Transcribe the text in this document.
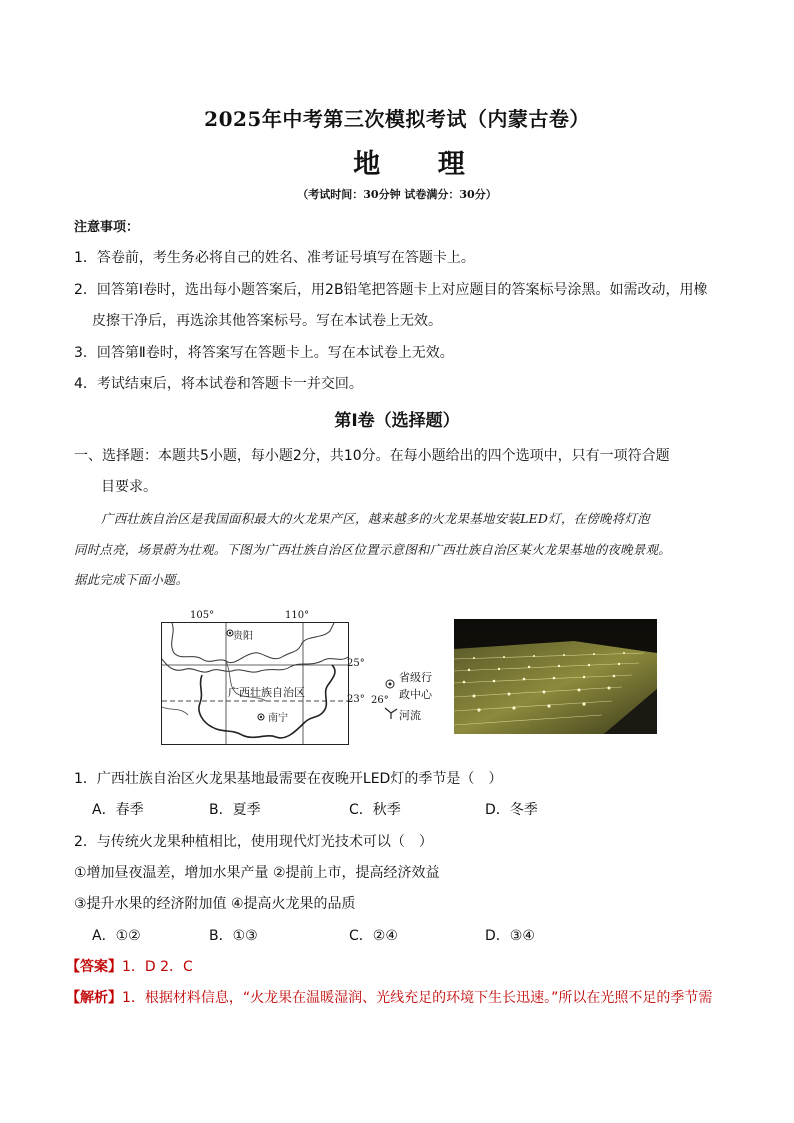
2025年中考第三次模拟考试（内蒙古卷）
地 理
（考试时间：30分钟 试卷满分：30分）
注意事项：
1．答卷前，考生务必将自己的姓名、准考证号填写在答题卡上。
2．回答第Ⅰ卷时，选出每小题答案后，用2B铅笔把答题卡上对应题目的答案标号涂黑。如需改动，用橡
皮擦干净后，再选涂其他答案标号。写在本试卷上无效。
3．回答第Ⅱ卷时，将答案写在答题卡上。写在本试卷上无效。
4．考试结束后，将本试卷和答题卡一并交回。
第Ⅰ卷（选择题）
一、选择题：本题共5小题，每小题2分，共10分。在每小题给出的四个选项中，只有一项符合题
目要求。
广西壮族自治区是我国面积最大的火龙果产区，越来越多的火龙果基地安装LED灯，在傍晚将灯泡
同时点亮，场景蔚为壮观。下图为广西壮族自治区位置示意图和广西壮族自治区某火龙果基地的夜晚景观。
据此完成下面小题。
105°	110°
贵阳
南宁
广西壮族自治区
25°
23° 26°
省级行
政中心
河流
1．广西壮族自治区火龙果基地最需要在夜晚开LED灯的季节是（　）
A．春季	B．夏季	C．秋季	D．冬季
2．与传统火龙果种植相比，使用现代灯光技术可以（　）
①增加昼夜温差，增加水果产量 ②提前上市，提高经济效益
③提升水果的经济附加值 ④提高火龙果的品质
A．①②	B．①③	C．②④	D．③④
【答案】1．D 2．C
【解析】1．根据材料信息，“火龙果在温暖湿润、光线充足的环境下生长迅速。”所以在光照不足的季节需
